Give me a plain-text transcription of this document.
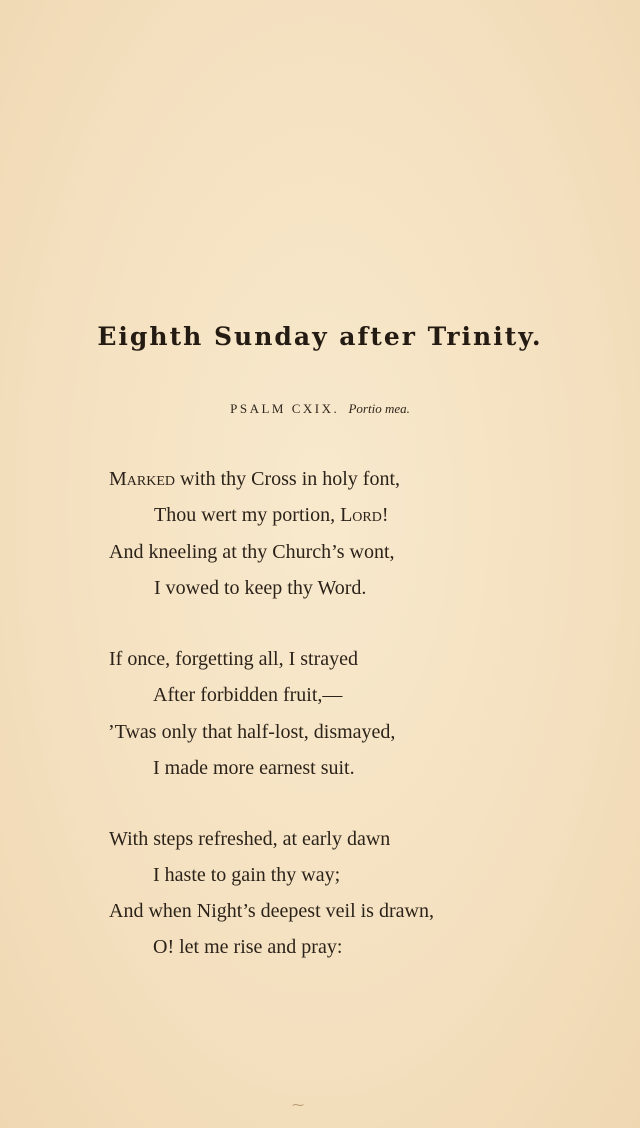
Eighth Sunday after Trinity.
PSALM CXIX. Portio mea.
Marked with thy Cross in holy font,
Thou wert my portion, Lord!
And kneeling at thy Church’s wont,
I vowed to keep thy Word.
If once, forgetting all, I strayed
After forbidden fruit,—
’Twas only that half-lost, dismayed,
I made more earnest suit.
With steps refreshed, at early dawn
I haste to gain thy way;
And when Night’s deepest veil is drawn,
O! let me rise and pray:
⁓
